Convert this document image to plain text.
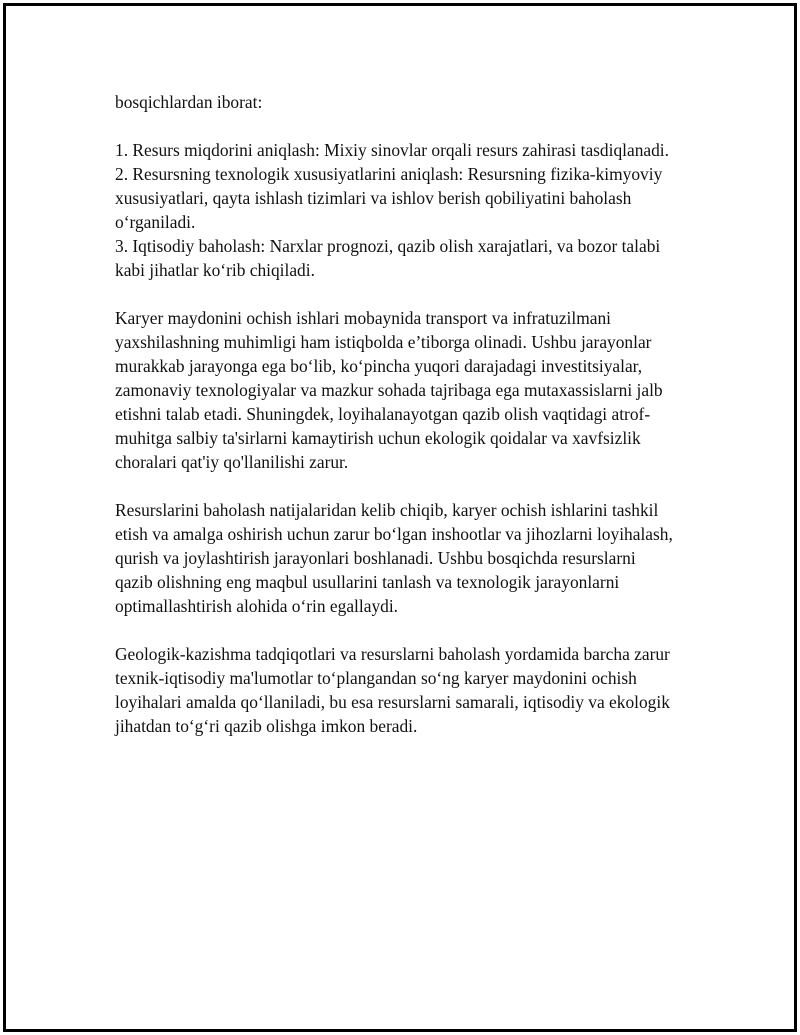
bosqichlardan iborat:

1. Resurs miqdorini aniqlash: Mixiy sinovlar orqali resurs zahirasi tasdiqlanadi.

2. Resursning texnologik xususiyatlarini aniqlash: Resursning fizika-kimyoviy xususiyatlari, qayta ishlash tizimlari va ishlov berish qobiliyatini baholash o‘rganiladi.

3. Iqtisodiy baholash: Narxlar prognozi, qazib olish xarajatlari, va bozor talabi kabi jihatlar ko‘rib chiqiladi.

Karyer maydonini ochish ishlari mobaynida transport va infratuzilmani yaxshilashning muhimligi ham istiqbolda e’tiborga olinadi. Ushbu jarayonlar murakkab jarayonga ega bo‘lib, ko‘pincha yuqori darajadagi investitsiyalar, zamonaviy texnologiyalar va mazkur sohada tajribaga ega mutaxassislarni jalb etishni talab etadi. Shuningdek, loyihalanayotgan qazib olish vaqtidagi atrof-muhitga salbiy ta'sirlarni kamaytirish uchun ekologik qoidalar va xavfsizlik choralari qat'iy qo'llanilishi zarur.

Resurslarini baholash natijalaridan kelib chiqib, karyer ochish ishlarini tashkil etish va amalga oshirish uchun zarur bo‘lgan inshootlar va jihozlarni loyihalash, qurish va joylashtirish jarayonlari boshlanadi. Ushbu bosqichda resurslarni qazib olishning eng maqbul usullarini tanlash va texnologik jarayonlarni optimallashtirish alohida o‘rin egallaydi.

Geologik-kazishma tadqiqotlari va resurslarni baholash yordamida barcha zarur texnik-iqtisodiy ma'lumotlar to‘plangandan so‘ng karyer maydonini ochish loyihalari amalda qo‘llaniladi, bu esa resurslarni samarali, iqtisodiy va ekologik jihatdan to‘g‘ri qazib olishga imkon beradi.
